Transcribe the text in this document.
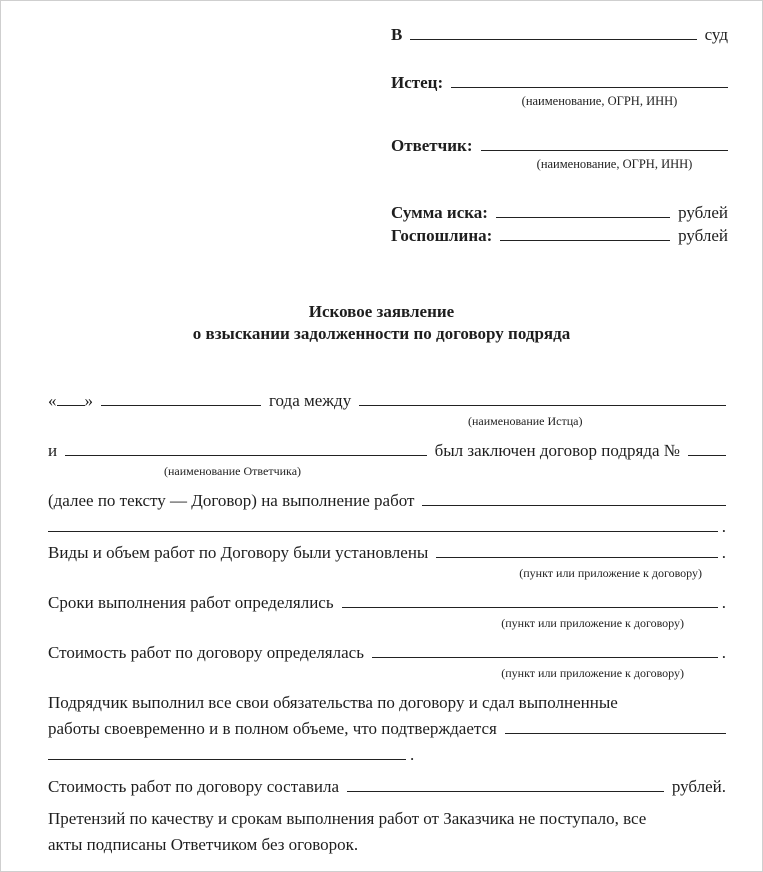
В	суд
Истец:
(наименование, ОГРН, ИНН)
Ответчик:
(наименование, ОГРН, ИНН)
Сумма иска:	рублей
Госпошлина:	рублей
Исковое заявление
о взыскании задолженности по договору подряда
« »	года между
(наименование Истца)
и	был заключен договор подряда №
(наименование Ответчика)
(далее по тексту — Договор) на выполнение работ
.
Виды и объем работ по Договору были установлены	.
(пункт или приложение к договору)
Сроки выполнения работ определялись	.
(пункт или приложение к договору)
Стоимость работ по договору определялась	.
(пункт или приложение к договору)
Подрядчик выполнил все свои обязательства по договору и сдал выполненные
работы своевременно и в полном объеме, что подтверждается
.
Стоимость работ по договору составила	рублей.
Претензий по качеству и срокам выполнения работ от Заказчика не поступало, все
акты подписаны Ответчиком без оговорок.
